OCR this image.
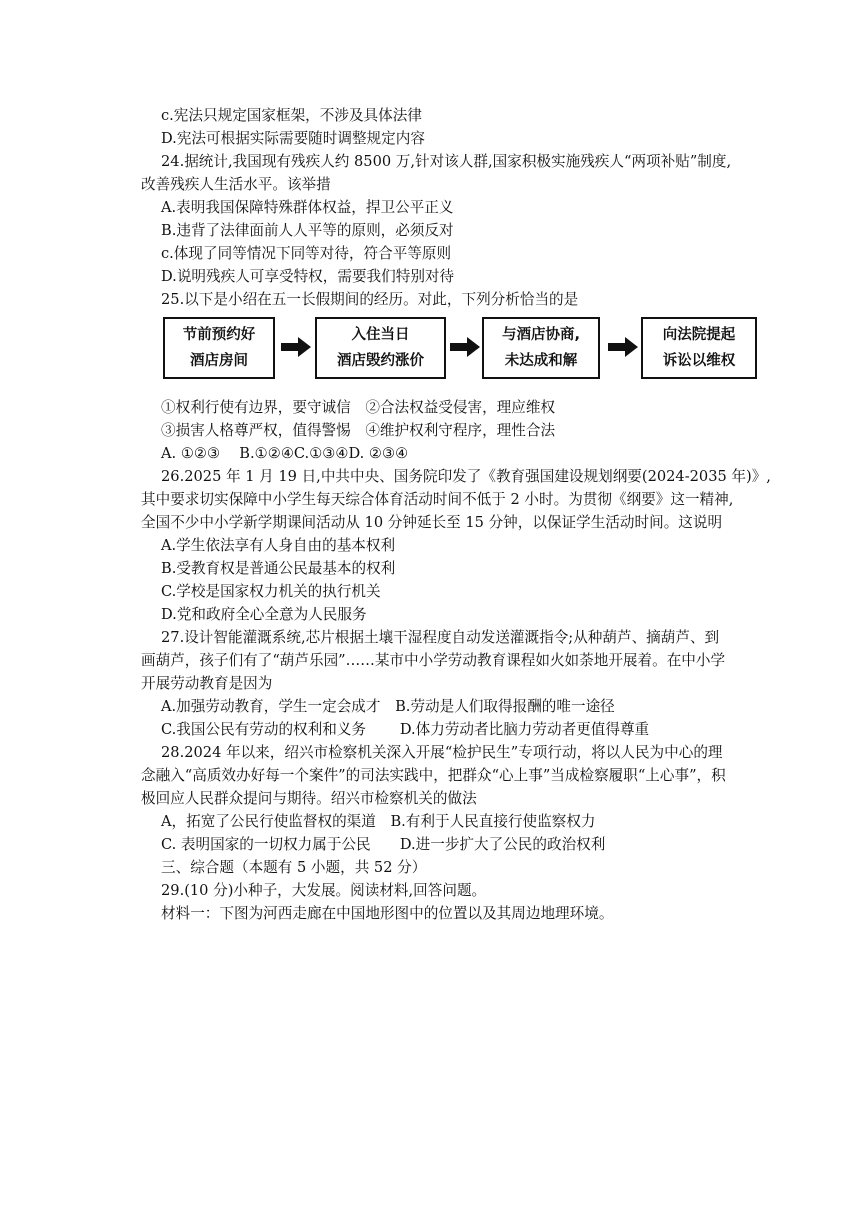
c.宪法只规定国家框架，不涉及具体法律

D.宪法可根据实际需要随时调整规定内容

24.据统计,我国现有残疾人约 8500 万,针对该人群,国家积极实施残疾人“两项补贴”制度,

改善残疾人生活水平。该举措

A.表明我国保障特殊群体权益，捍卫公平正义

B.违背了法律面前人人平等的原则，必须反对

c.体现了同等情况下同等对待，符合平等原则

D.说明残疾人可享受特权，需要我们特别对待

25.以下是小绍在五一长假期间的经历。对此，下列分析恰当的是

节前预约好
酒店房间
入住当日
酒店毁约涨价
与酒店协商,
未达成和解
向法院提起
诉讼以维权

①权利行使有边界，要守诚信　②合法权益受侵害，理应维权

③损害人格尊严权，值得警惕　④维护权利守程序，理性合法

A. ①②③　 B.①②④C.①③④D. ②③④

26.2025 年 1 月 19 日,中共中央、国务院印发了《教育强国建设规划纲要(2024-2035 年)》,

其中要求切实保障中小学生每天综合体育活动时间不低于 2 小时。为贯彻《纲要》这一精神,

全国不少中小学新学期课间活动从 10 分钟延长至 15 分钟，以保证学生活动时间。这说明

A.学生依法享有人身自由的基本权利

B.受教育权是普通公民最基本的权利

C.学校是国家权力机关的执行机关

D.党和政府全心全意为人民服务

27.设计智能灌溉系统,芯片根据土壤干湿程度自动发送灌溉指令;从种葫芦、摘葫芦、到

画葫芦，孩子们有了“葫芦乐园”……某市中小学劳动教育课程如火如荼地开展着。在中小学

开展劳动教育是因为

A.加强劳动教育，学生一定会成才　B.劳动是人们取得报酬的唯一途径

C.我国公民有劳动的权利和义务　　 D.体力劳动者比脑力劳动者更值得尊重

28.2024 年以来，绍兴市检察机关深入开展“检护民生”专项行动，将以人民为中心的理

念融入“高质效办好每一个案件”的司法实践中，把群众“心上事”当成检察履职“上心事”，积

极回应人民群众提问与期待。绍兴市检察机关的做法

A，拓宽了公民行使监督权的渠道　B.有利于人民直接行使监察权力

C. 表明国家的一切权力属于公民　　D.进一步扩大了公民的政治权利

三、综合题（本题有 5 小题，共 52 分）

29.(10 分)小种子，大发展。阅读材料,回答问题。

材料一：下图为河西走廊在中国地形图中的位置以及其周边地理环境。
